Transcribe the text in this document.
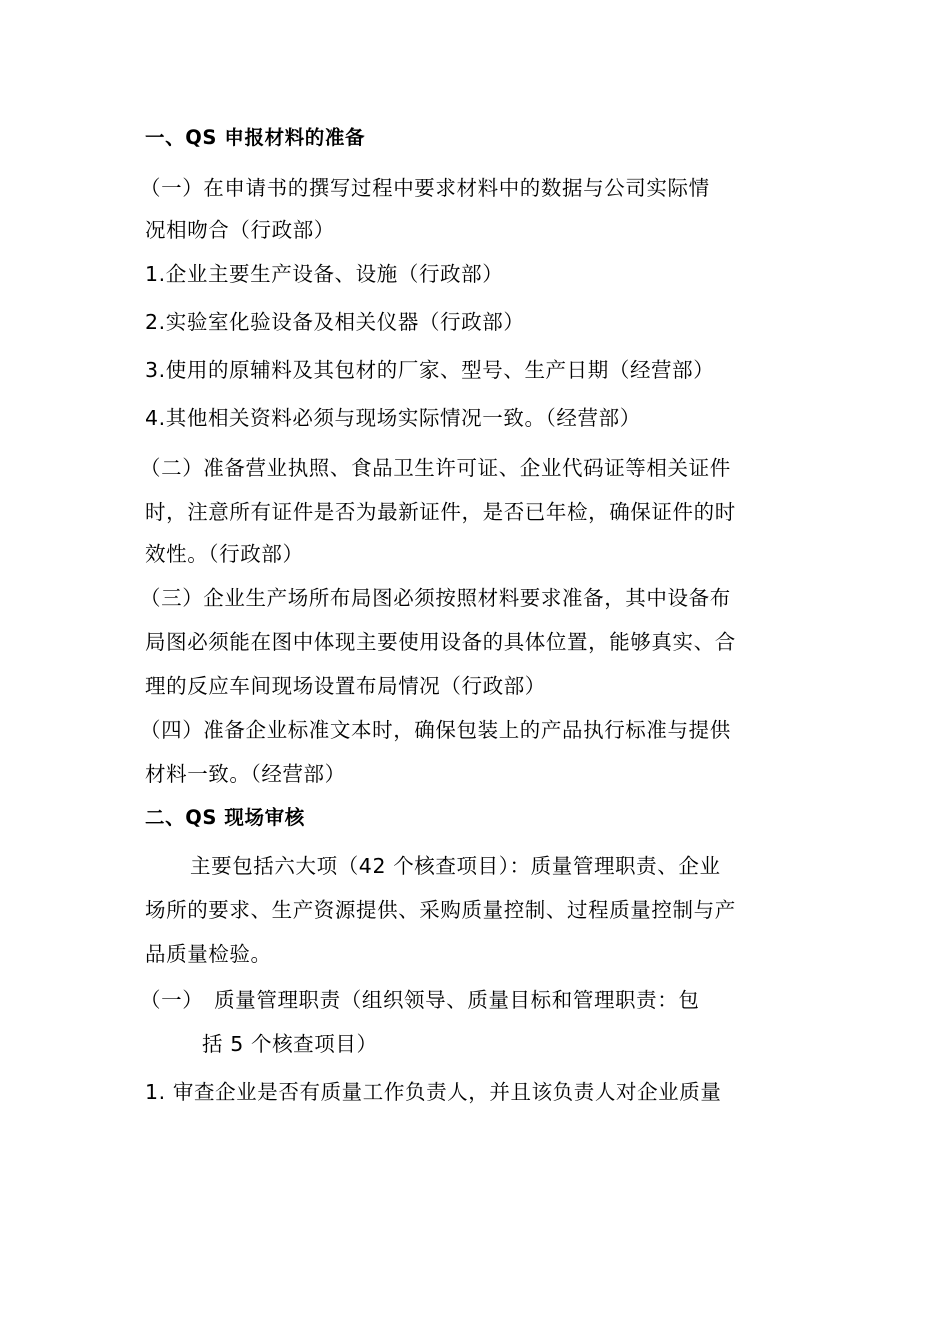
一、QS 申报材料的准备
（一）在申请书的撰写过程中要求材料中的数据与公司实际情
况相吻合（行政部）
1.企业主要生产设备、设施（行政部）
2.实验室化验设备及相关仪器（行政部）
3.使用的原辅料及其包材的厂家、型号、生产日期（经营部）
4.其他相关资料必须与现场实际情况一致。（经营部）
（二）准备营业执照、食品卫生许可证、企业代码证等相关证件
时，注意所有证件是否为最新证件，是否已年检，确保证件的时
效性。（行政部）
（三）企业生产场所布局图必须按照材料要求准备，其中设备布
局图必须能在图中体现主要使用设备的具体位置，能够真实、合
理的反应车间现场设置布局情况（行政部）
（四）准备企业标准文本时，确保包装上的产品执行标准与提供
材料一致。（经营部）
二、QS 现场审核
主要包括六大项（42 个核查项目）：质量管理职责、企业
场所的要求、生产资源提供、采购质量控制、过程质量控制与产
品质量检验。
（一）　质量管理职责（组织领导、质量目标和管理职责：包
括 5 个核查项目）
1. 审查企业是否有质量工作负责人，并且该负责人对企业质量
